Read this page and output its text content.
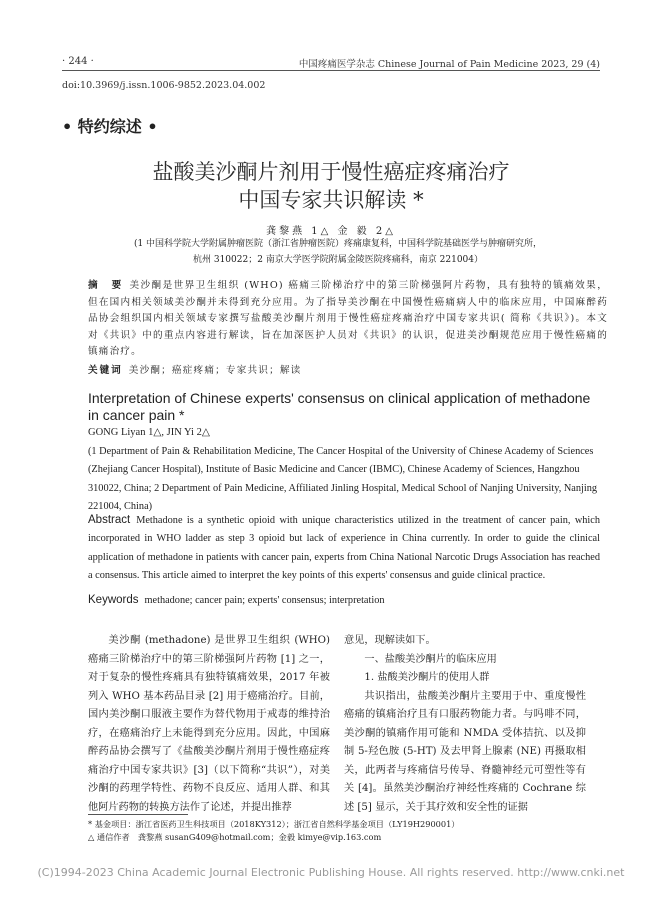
· 244 ·	中国疼痛医学杂志 Chinese Journal of Pain Medicine 2023, 29 (4)
doi:10.3969/j.issn.1006-9852.2023.04.002
• 特约综述 •
盐酸美沙酮片剂用于慢性癌症疼痛治疗
中国专家共识解读 *
龚黎燕 1△ 金 毅 2△
(1 中国科学院大学附属肿瘤医院（浙江省肿瘤医院）疼痛康复科，中国科学院基础医学与肿瘤研究所，
杭州 310022；2 南京大学医学院附属金陵医院疼痛科，南京 221004）
摘　要 美沙酮是世界卫生组织 (WHO) 癌痛三阶梯治疗中的第三阶梯强阿片药物，具有独特的镇痛效果，但在国内相关领域美沙酮并未得到充分应用。为了指导美沙酮在中国慢性癌痛病人中的临床应用，中国麻醉药品协会组织国内相关领域专家撰写盐酸美沙酮片剂用于慢性癌症疼痛治疗中国专家共识( 简称《共识》)。本文对《共识》中的重点内容进行解读，旨在加深医护人员对《共识》的认识，促进美沙酮规范应用于慢性癌痛的镇痛治疗。
关键词 美沙酮；癌症疼痛；专家共识；解读
Interpretation of Chinese experts' consensus on clinical application of methadone in cancer pain *
GONG Liyan 1△, JIN Yi 2△
(1 Department of Pain & Rehabilitation Medicine, The Cancer Hospital of the University of Chinese Academy of Sciences (Zhejiang Cancer Hospital), Institute of Basic Medicine and Cancer (IBMC), Chinese Academy of Sciences, Hangzhou 310022, China; 2 Department of Pain Medicine, Affiliated Jinling Hospital, Medical School of Nanjing University, Nanjing 221004, China)
Abstract Methadone is a synthetic opioid with unique characteristics utilized in the treatment of cancer pain, which incorporated in WHO ladder as step 3 opioid but lack of experience in China currently. In order to guide the clinical application of methadone in patients with cancer pain, experts from China National Narcotic Drugs Association has reached a consensus. This article aimed to interpret the key points of this experts' consensus and guide clinical practice.
Keywords methadone; cancer pain; experts' consensus; interpretation

美沙酮 (methadone) 是世界卫生组织 (WHO) 癌痛三阶梯治疗中的第三阶梯强阿片药物 [1] 之一，对于复杂的慢性疼痛具有独特镇痛效果，2017 年被列入 WHO 基本药品目录 [2] 用于癌痛治疗。目前，国内美沙酮口服液主要作为替代物用于戒毒的维持治疗，在癌痛治疗上未能得到充分应用。因此，中国麻醉药品协会撰写了《盐酸美沙酮片剂用于慢性癌症疼痛治疗中国专家共识》[3]（以下简称“共识”），对美沙酮的药理学特性、药物不良反应、适用人群、和其他阿片药物的转换方法作了论述，并提出推荐

意见，现解读如下。

一、盐酸美沙酮片的临床应用

1. 盐酸美沙酮片的使用人群

共识指出，盐酸美沙酮片主要用于中、重度慢性癌痛的镇痛治疗且有口服药物能力者。与吗啡不同，美沙酮的镇痛作用可能和 NMDA 受体拮抗、以及抑制 5-羟色胺 (5-HT) 及去甲肾上腺素 (NE) 再摄取相关，此两者与疼痛信号传导、脊髓神经元可塑性等有关 [4]。虽然美沙酮治疗神经性疼痛的 Cochrane 综述 [5] 显示，关于其疗效和安全性的证据

* 基金项目：浙江省医药卫生科技项目（2018KY312）；浙江省自然科学基金项目（LY19H290001）
△ 通信作者　龚黎燕 susanG409@hotmail.com；金毅 kimye@vip.163.com
(C)1994-2023 China Academic Journal Electronic Publishing House. All rights reserved. http://www.cnki.net
